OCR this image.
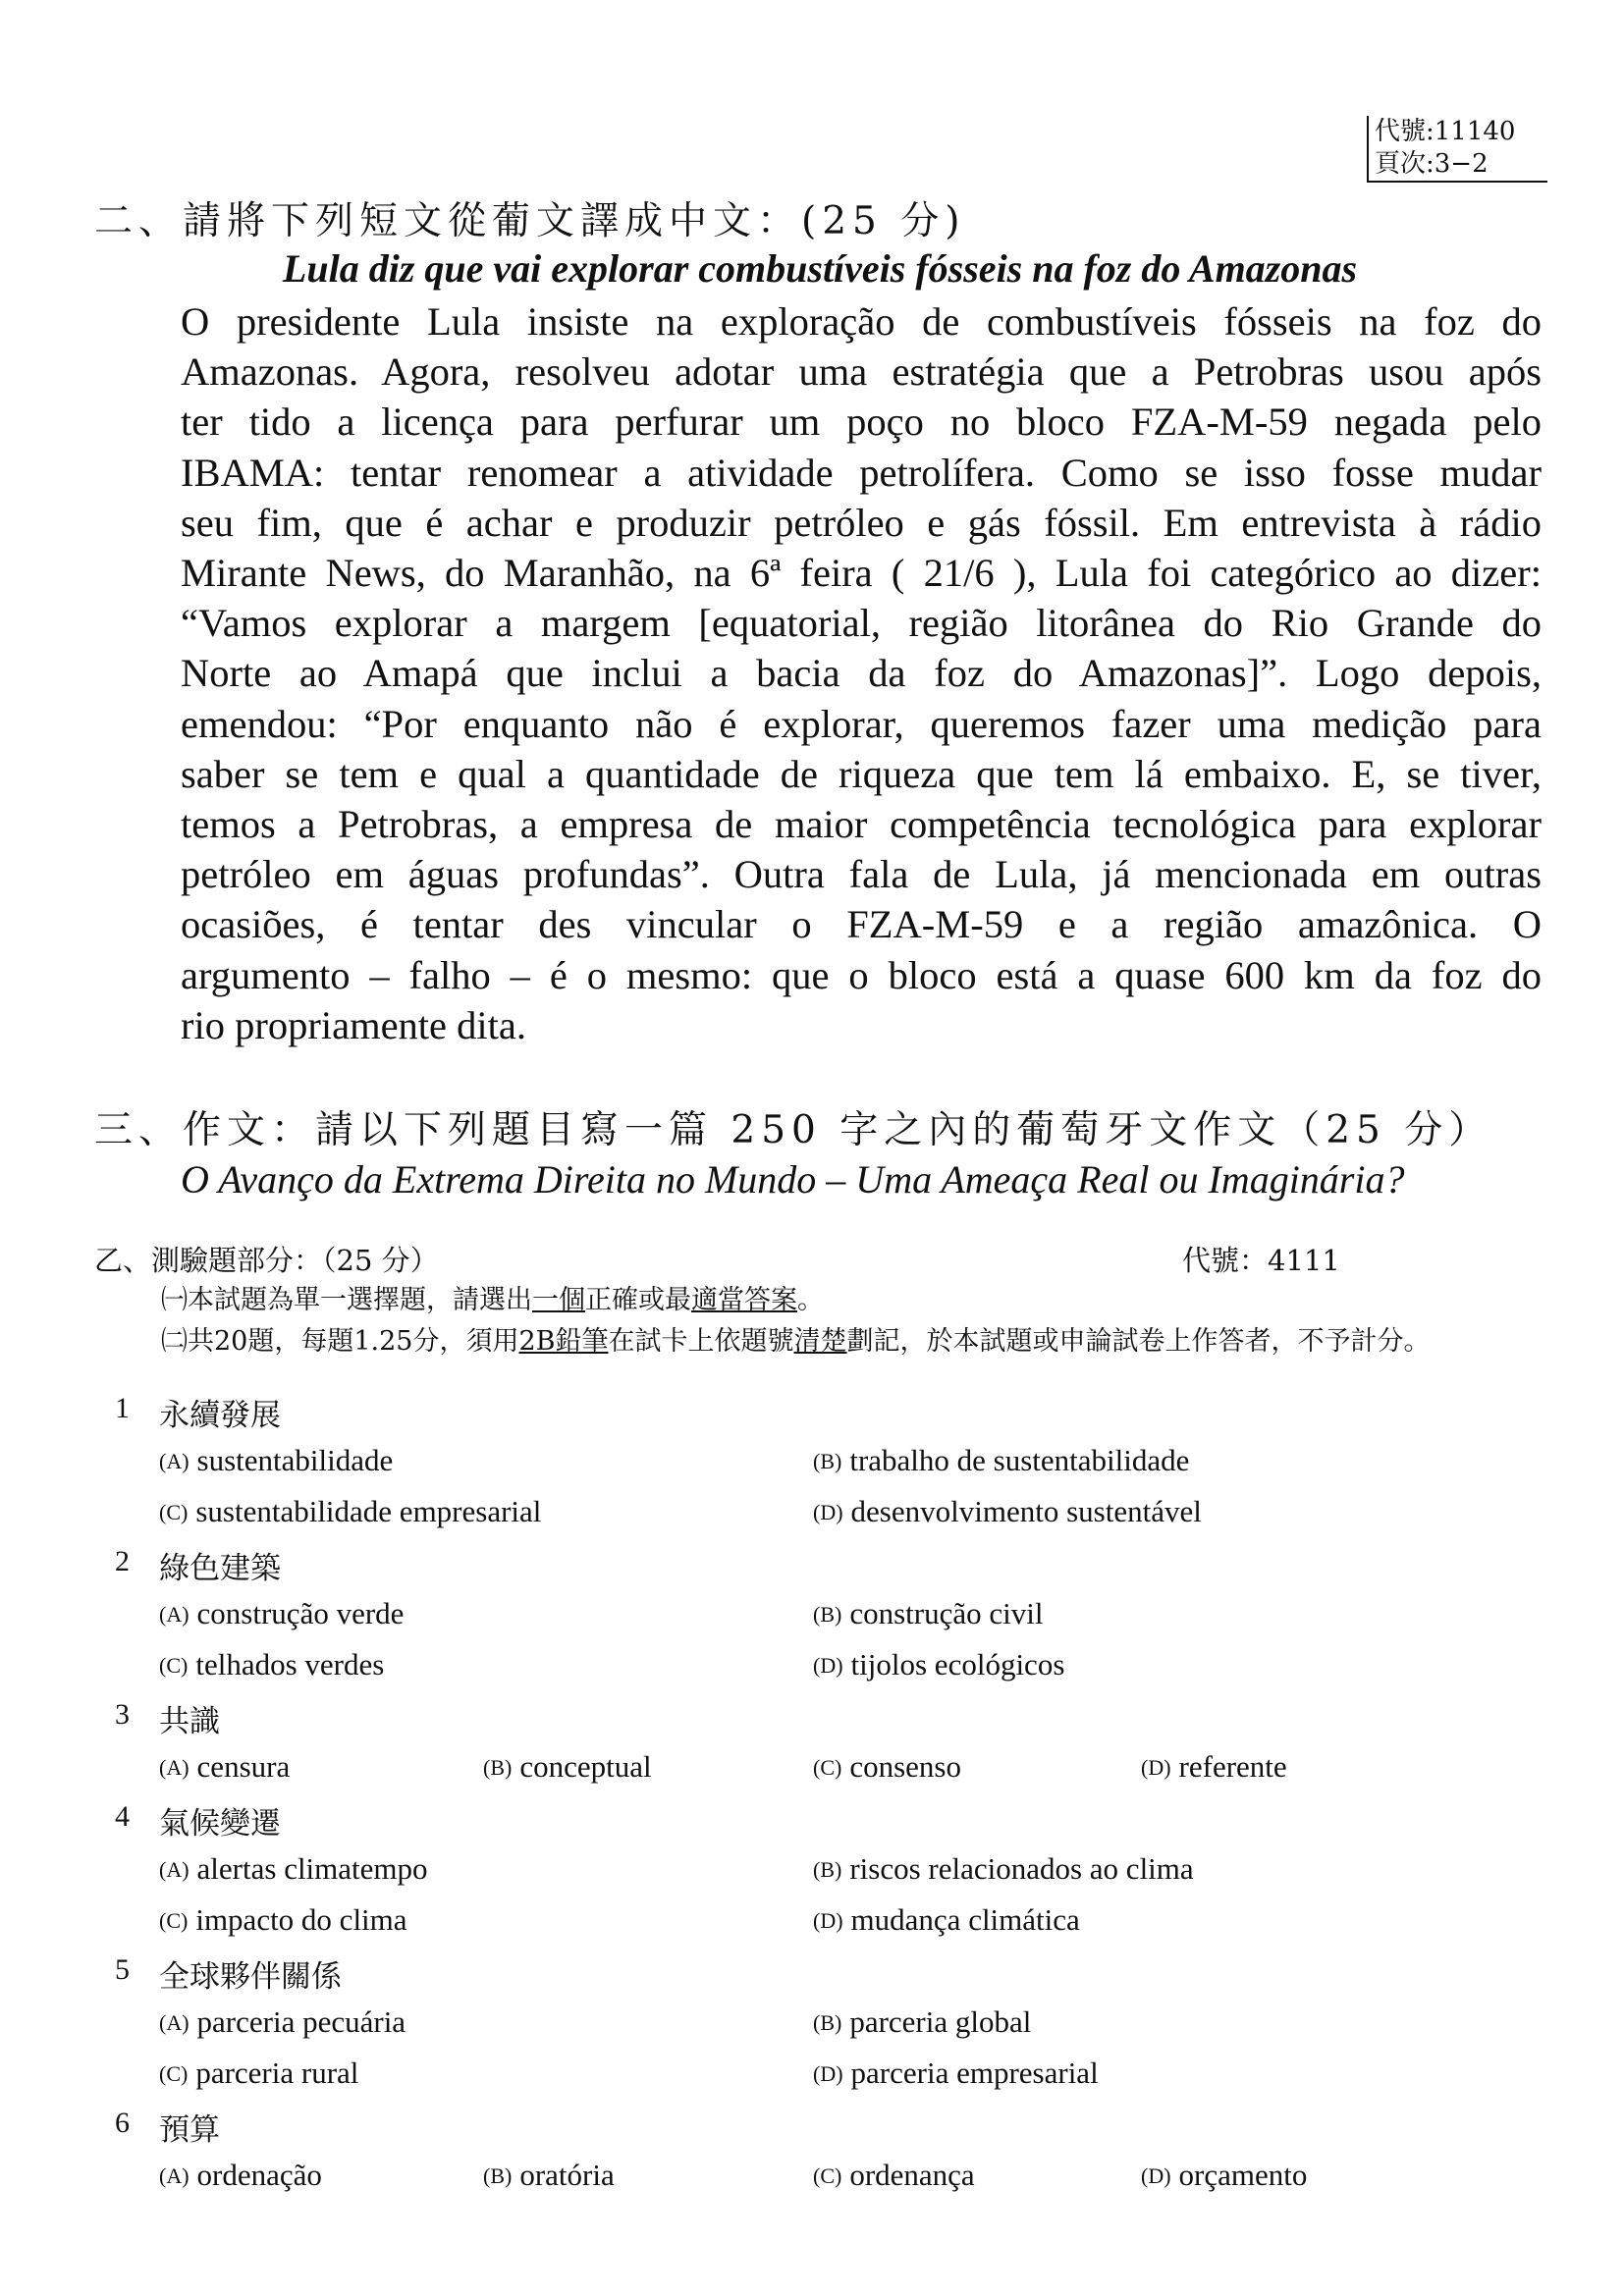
代號:11140
頁次:3−2
二、請將下列短文從葡文譯成中文：(25 分)
Lula diz que vai explorar combustíveis fósseis na foz do Amazonas
O presidente Lula insiste na exploração de combustíveis fósseis na foz do
Amazonas. Agora, resolveu adotar uma estratégia que a Petrobras usou após
ter tido a licença para perfurar um poço no bloco FZA-M-59 negada pelo
IBAMA: tentar renomear a atividade petrolífera. Como se isso fosse mudar
seu fim, que é achar e produzir petróleo e gás fóssil. Em entrevista à rádio
Mirante News, do Maranhão, na 6ª feira ( 21/6 ), Lula foi categórico ao dizer:
“Vamos explorar a margem [equatorial, região litorânea do Rio Grande do
Norte ao Amapá que inclui a bacia da foz do Amazonas]”. Logo depois,
emendou: “Por enquanto não é explorar, queremos fazer uma medição para
saber se tem e qual a quantidade de riqueza que tem lá embaixo. E, se tiver,
temos a Petrobras, a empresa de maior competência tecnológica para explorar
petróleo em águas profundas”. Outra fala de Lula, já mencionada em outras
ocasiões, é tentar des vincular o FZA-M-59 e a região amazônica. O
argumento – falho – é o mesmo: que o bloco está a quase 600 km da foz do
rio propriamente dita.
三、作文：請以下列題目寫一篇 250 字之內的葡萄牙文作文（25 分）
O Avanço da Extrema Direita no Mundo – Uma Ameaça Real ou Imaginária?
乙、測驗題部分：（25 分）	代號：4111
㈠本試題為單一選擇題，請選出一個正確或最適當答案。
㈡共20題，每題1.25分，須用2B鉛筆在試卡上依題號清楚劃記，於本試題或申論試卷上作答者，不予計分。
1 永續發展
(A) sustentabilidade	(B) trabalho de sustentabilidade
(C) sustentabilidade empresarial	(D) desenvolvimento sustentável
2 綠色建築
(A) construção verde	(B) construção civil
(C) telhados verdes	(D) tijolos ecológicos
3 共識
(A) censura	(B) conceptual	(C) consenso	(D) referente
4 氣候變遷
(A) alertas climatempo	(B) riscos relacionados ao clima
(C) impacto do clima	(D) mudança climática
5 全球夥伴關係
(A) parceria pecuária	(B) parceria global
(C) parceria rural	(D) parceria empresarial
6 預算
(A) ordenação	(B) oratória	(C) ordenança	(D) orçamento
